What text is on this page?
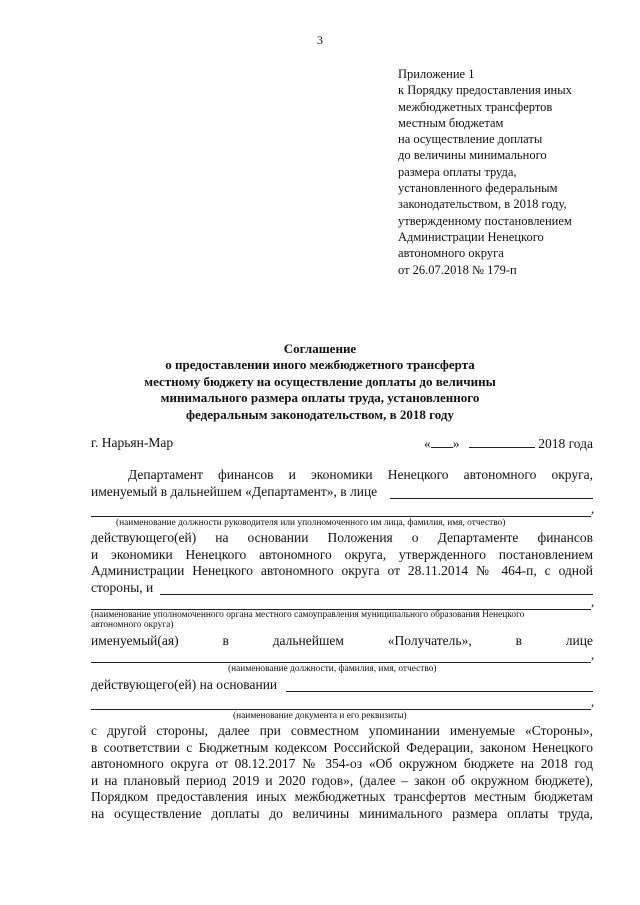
3
Приложение 1
к Порядку предоставления иных
межбюджетных трансфертов
местным бюджетам
на осуществление доплаты
до величины минимального
размера оплаты труда,
установленного федеральным
законодательством, в 2018 году,
утвержденному постановлением
Администрации Ненецкого
автономного округа
от 26.07.2018 № 179-п
Соглашение
о предоставлении иного межбюджетного трансферта
местному бюджету на осуществление доплаты до величины
минимального размера оплаты труда, установленного
федеральным законодательством, в 2018 году
г. Нарьян-Мар	« »	2018 года
Департамент финансов и экономики Ненецкого автономного округа,
именуемый в дальнейшем «Департамент», в лице
,
(наименование должности руководителя или уполномоченного им лица, фамилия, имя, отчество)
действующего(ей) на основании Положения о Департаменте финансов
и экономики Ненецкого автономного округа, утвержденного постановлением
Администрации Ненецкого автономного округа от 28.11.2014 № 464-п, с одной
стороны, и
,
(наименование уполномоченного органа местного самоуправления муниципального образования Ненецкого
автономного округа)
именуемый(ая)	в	дальнейшем	«Получатель»,	в	лице
,
(наименование должности, фамилия, имя, отчество)
действующего(ей) на основании
,
(наименование документа и его реквизиты)
с другой стороны, далее при совместном упоминании именуемые «Стороны»,
в соответствии с Бюджетным кодексом Российской Федерации, законом Ненецкого
автономного округа от 08.12.2017 № 354-оз «Об окружном бюджете на 2018 год
и на плановый период 2019 и 2020 годов», (далее – закон об окружном бюджете),
Порядком предоставления иных межбюджетных трансфертов местным бюджетам
на осуществление доплаты до величины минимального размера оплаты труда,
